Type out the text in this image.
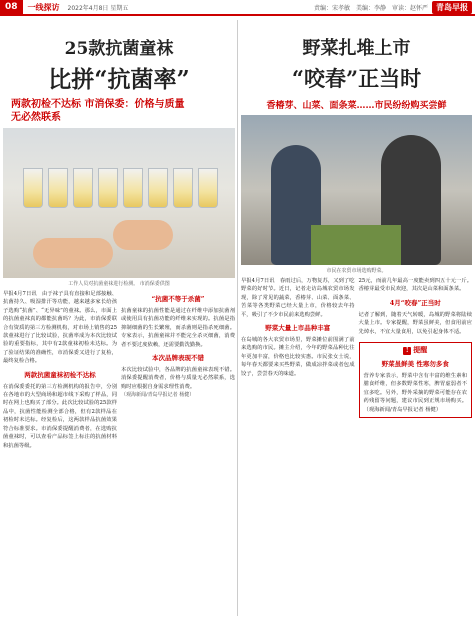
08	一线探访 2022年4月8日 星期五	责编：宋孝敏　美编：李静　审读：赵怀严	青岛早报
25款抗菌童袜
比拼“抗菌率”
两款初检不达标 市消保委：价格与质量
无必然联系
工作人员对抗菌童袜进行检测。 市消保委供图
早报4月7日讯　由于袜子具有直接和足部接触、抗菌持久、吸湿排汗等功能，越来越多家长给孩子选购“抗菌”、“无异味”的童袜。那么，市面上的抗菌童袜真的都能抗菌吗？为此，市消保委联合有资质的第三方检测机构，对市场上销售的25款童袜进行了比较试验，抗菌率成为本次比较试验的重要指标，其中有2款童袜初检未达标。为了验证结果的准确性，市消保委又进行了复检，最终复检合格。
两款抗菌童袜初检不达标
在消保委委托的第三方检测机构的报告中，分别在各地市的大型商场和超市线下采购了样品，同时在网上也购买了部分。此次比较试验的25款样品中，抗菌性能检测全部合格，但有2款样品在初检时未达标。经复检后，这两款样品抗菌效果符合标准要求。市消保委提醒消费者，在选购抗菌童袜时，可以查看产品标签上标注的抗菌材料和抗菌等级。
“抗菌不等于杀菌”
抗菌童袜的抗菌性能是通过在纤维中添加抗菌剂或使用具有抗菌功能的纤维来实现的。抗菌是指抑制细菌的生长繁殖，而杀菌则是指杀死细菌。专家表示，抗菌童袜并不能完全杀灭细菌，消费者不要过度依赖，还需要勤洗勤换。
本次品牌表现不错
本次比较试验中，各品牌的抗菌童袜表现不错。消保委提醒消费者，价格与质量无必然联系，选购时应根据自身需求理性消费。
（观海新闻/青岛早报记者 杨健）
野菜扎堆上市
“咬春”正当时
香椿芽、山菜、面条菜……市民纷纷购买尝鲜
市民在农贸市场选购野菜。
早报4月7日讯　春雨过后，万物复苏，又到了吃野菜的好时节。近日，记者走访岛城农贸市场发现，除了常见的蔬菜，香椿芽、山菜、面条菜、苦菜等各类野菜已经大量上市，价格较去年持平，吸引了不少市民前来选购尝鲜。
野菜大量上市品种丰富
在岛城的各大农贸市场里，野菜摊位前围满了前来选购的市民。摊主介绍，今年的野菜品种比往年更加丰富，价格也比较实惠。市民张女士说，每年春天都要来买些野菜，做成凉拌菜或者包成饺子，尝尝春天的味道。
25元，而前几年最高一度能卖到四五十元一斤。香椿芽最受市民欢迎，其次是山菜和面条菜。
4月“咬春”正当时
记者了解到，随着天气转暖，岛城的野菜将陆续大量上市。专家提醒，野菜虽鲜美，但食用前应先焯水，不宜大量食用，以免引起身体不适。
! 提醒
野菜虽鲜美 性寒勿多食
营养专家表示，野菜中含有丰富的维生素和膳食纤维，但多数野菜性寒，脾胃虚弱者不宜多吃。另外，野外采摘的野菜可能存在农药残留等问题，建议市民到正规市场购买。（观海新闻/青岛早报记者 杨健）
